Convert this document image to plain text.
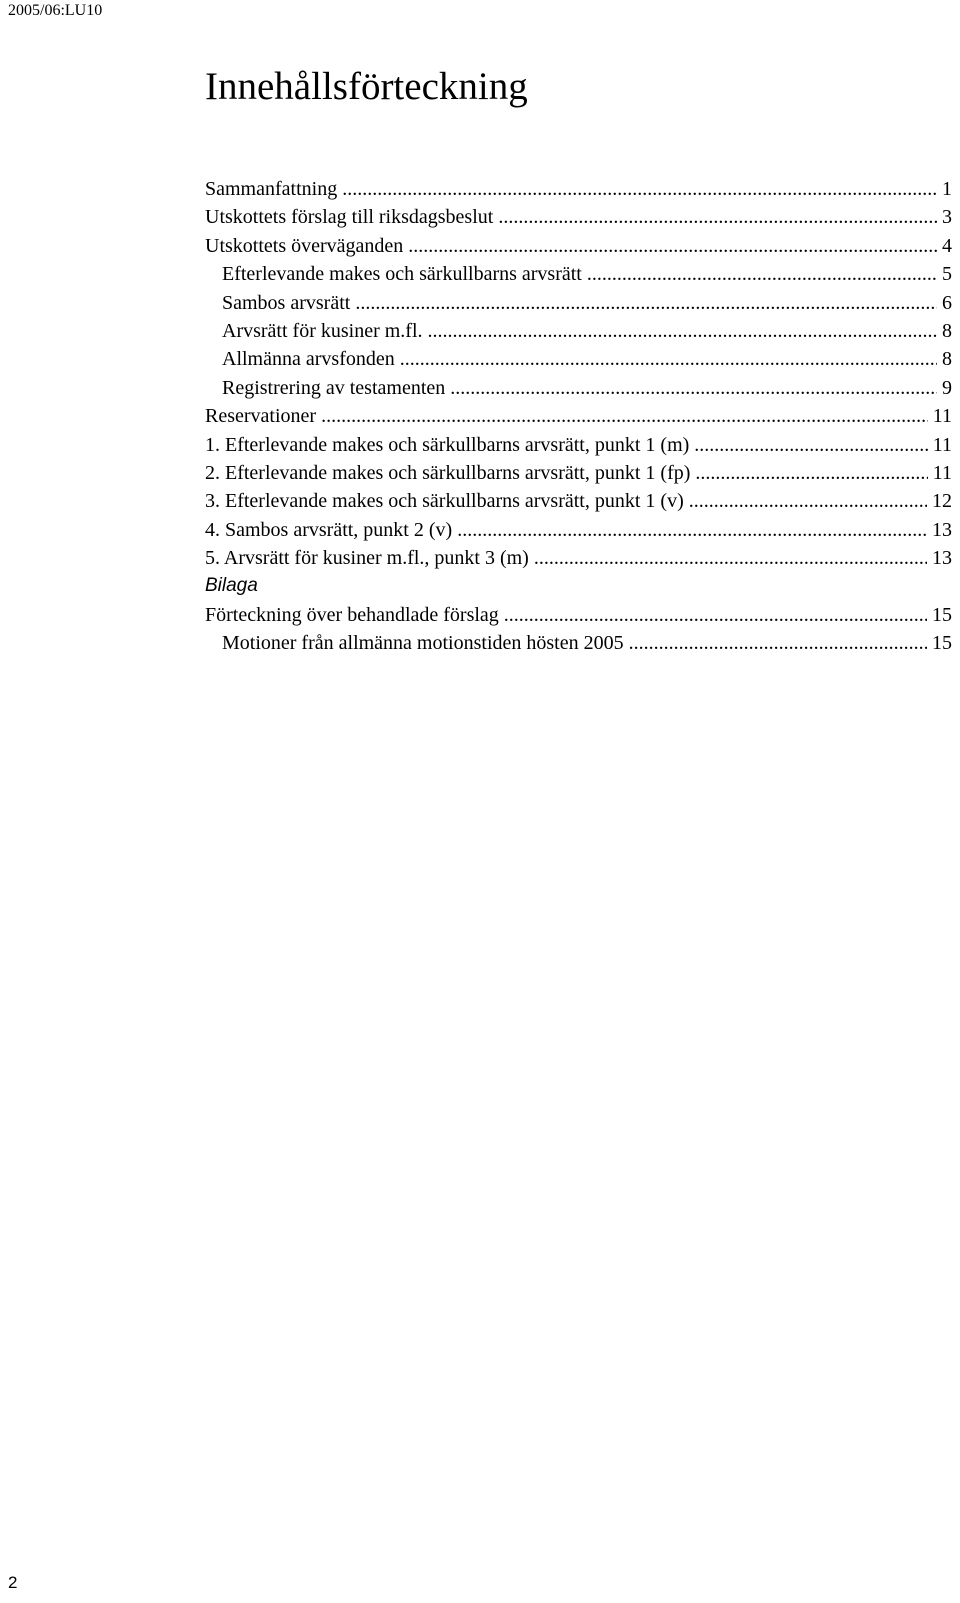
2005/06:LU10
Innehållsförteckning
Sammanfattning .....	1
Utskottets förslag till riksdagsbeslut .....	3
Utskottets överväganden .....	4
Efterlevande makes och särkullbarns arvsrätt .....	5
Sambos arvsrätt .....	6
Arvsrätt för kusiner m.fl. .....	8
Allmänna arvsfonden .....	8
Registrering av testamenten .....	9
Reservationer .....	11
1. Efterlevande makes och särkullbarns arvsrätt, punkt 1 (m) .....	11
2. Efterlevande makes och särkullbarns arvsrätt, punkt 1 (fp) .....	11
3. Efterlevande makes och särkullbarns arvsrätt, punkt 1 (v) .....	12
4. Sambos arvsrätt, punkt 2 (v) .....	13
5. Arvsrätt för kusiner m.fl., punkt 3 (m) .....	13
Bilaga
Förteckning över behandlade förslag .....	15
Motioner från allmänna motionstiden hösten 2005 .....	15
2
